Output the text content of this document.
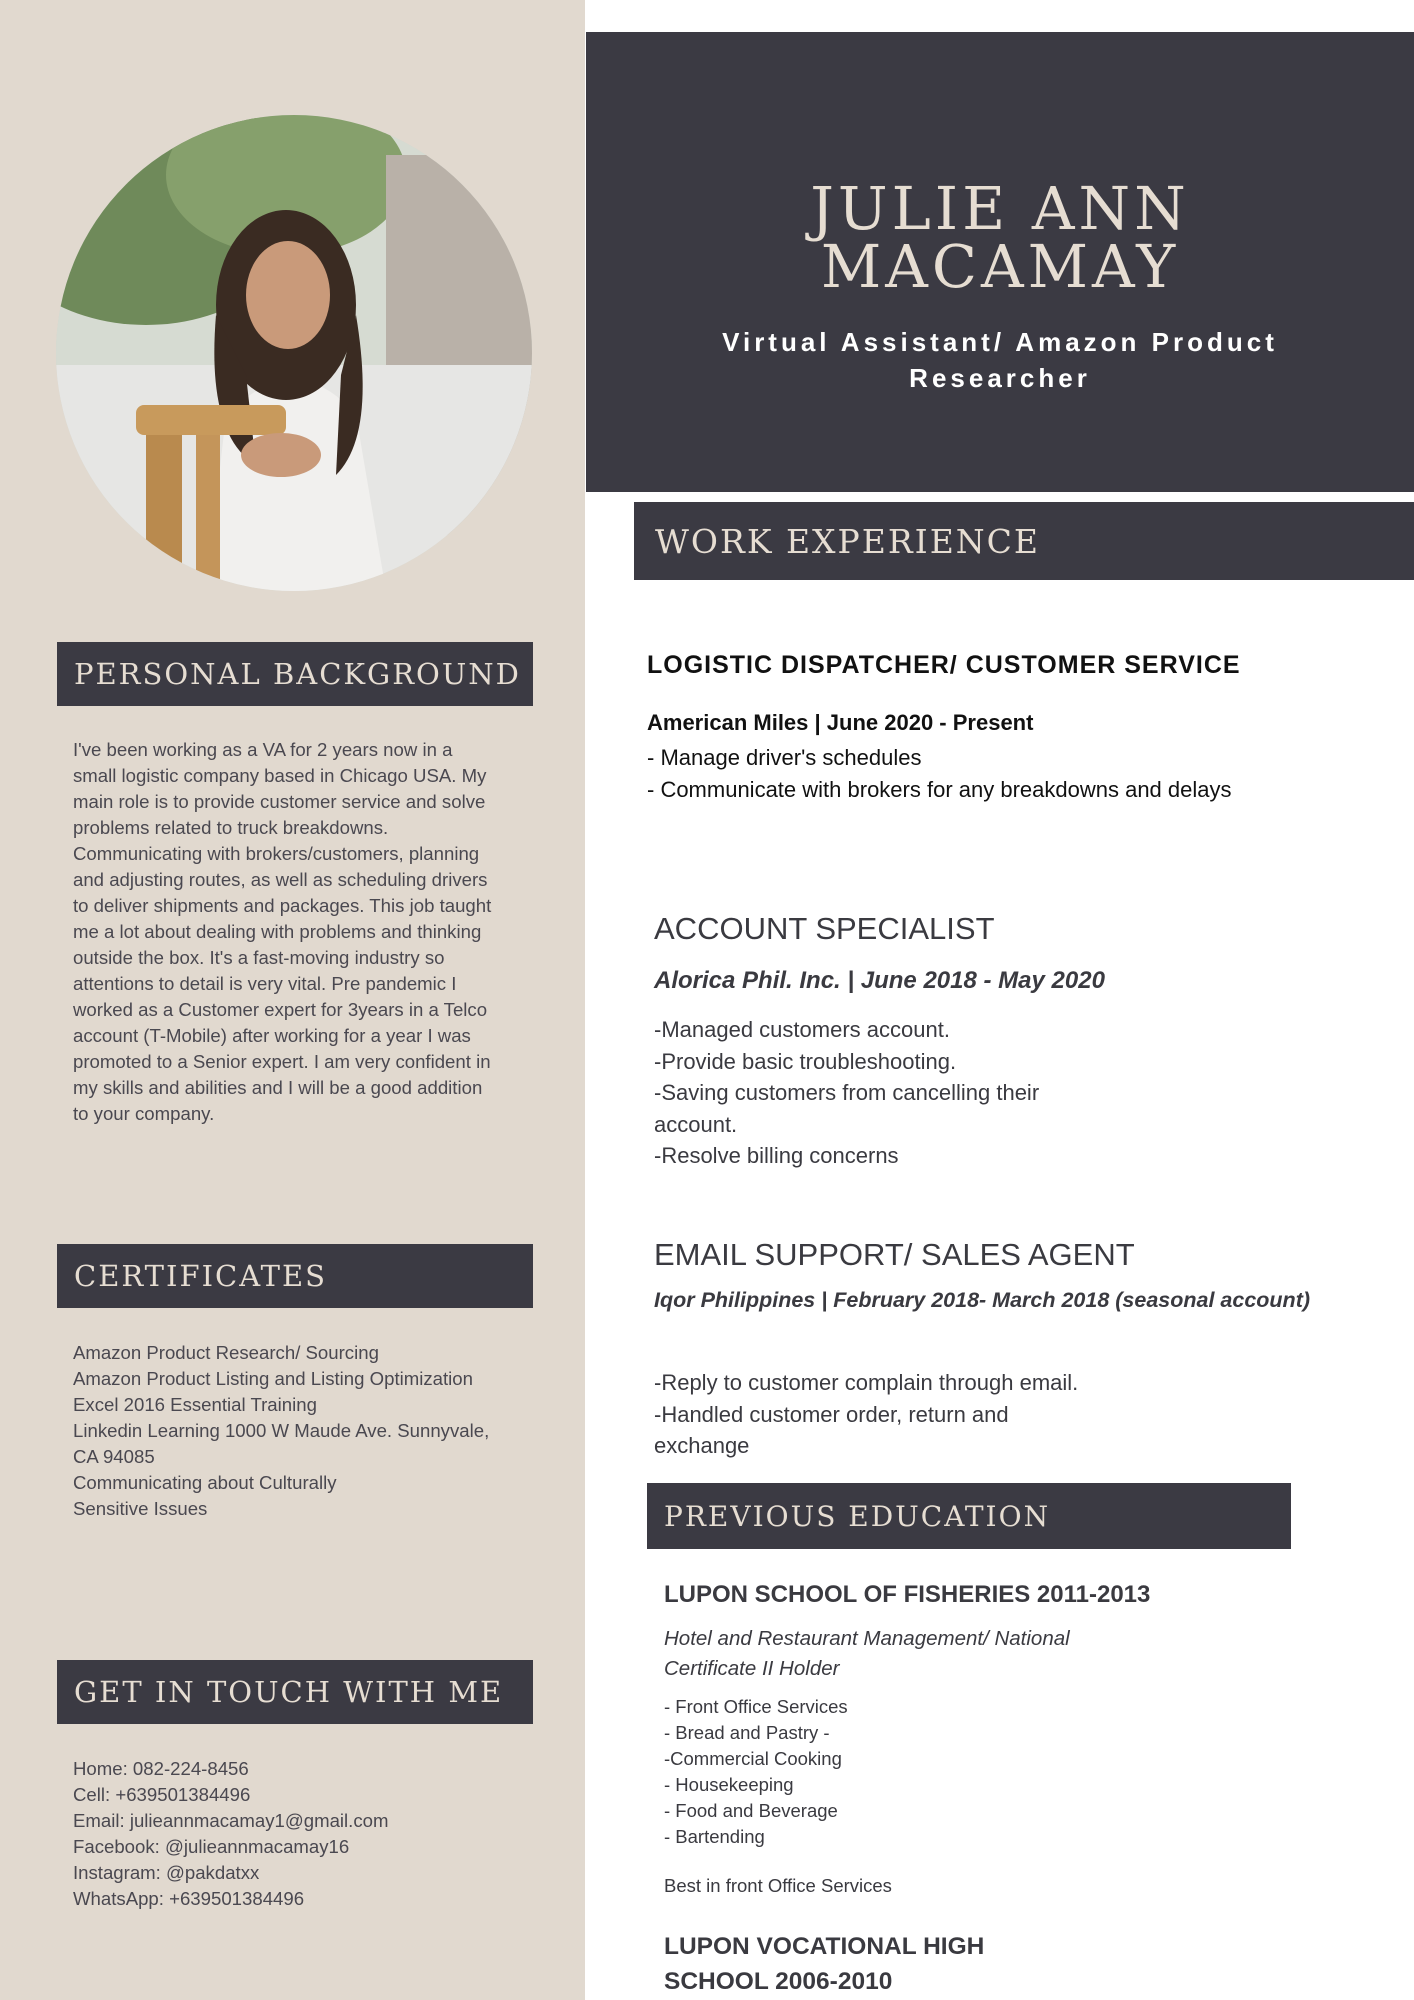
PERSONAL BACKGROUND
I've been working as a VA for 2 years now in a
small logistic company based in Chicago USA. My
main role is to provide customer service and solve
problems related to truck breakdowns.
Communicating with brokers/customers, planning
and adjusting routes, as well as scheduling drivers
to deliver shipments and packages. This job taught
me a lot about dealing with problems and thinking
outside the box. It's a fast-moving industry so
attentions to detail is very vital. Pre pandemic I
worked as a Customer expert for 3years in a Telco
account (T-Mobile) after working for a year I was
promoted to a Senior expert. I am very confident in
my skills and abilities and I will be a good addition
to your company.
CERTIFICATES
Amazon Product Research/ Sourcing
Amazon Product Listing and Listing Optimization
Excel 2016 Essential Training
Linkedin Learning 1000 W Maude Ave. Sunnyvale,
CA 94085
Communicating about Culturally
Sensitive Issues
GET IN TOUCH WITH ME
Home: 082-224-8456
Cell: +639501384496
Email: julieannmacamay1@gmail.com
Facebook: @julieannmacamay16
Instagram: @pakdatxx
WhatsApp: +639501384496
JULIE ANN MACAMAY
Virtual Assistant/ Amazon Product Researcher
WORK EXPERIENCE
LOGISTIC DISPATCHER/ CUSTOMER SERVICE
American Miles | June 2020 - Present
- Manage driver's schedules
- Communicate with brokers for any breakdowns and delays
ACCOUNT SPECIALIST
Alorica Phil. Inc. | June 2018 - May 2020
-Managed customers account.
-Provide basic troubleshooting.
-Saving customers from cancelling their
account.
-Resolve billing concerns
EMAIL SUPPORT/ SALES AGENT
Iqor Philippines | February 2018- March 2018 (seasonal account)
-Reply to customer complain through email.
-Handled customer order, return and
exchange
PREVIOUS EDUCATION
LUPON SCHOOL OF FISHERIES 2011-2013
Hotel and Restaurant Management/ National
Certificate II Holder
- Front Office Services
- Bread and Pastry -
-Commercial Cooking
- Housekeeping
- Food and Beverage
- Bartending
Best in front Office Services
LUPON VOCATIONAL HIGH
SCHOOL 2006-2010
